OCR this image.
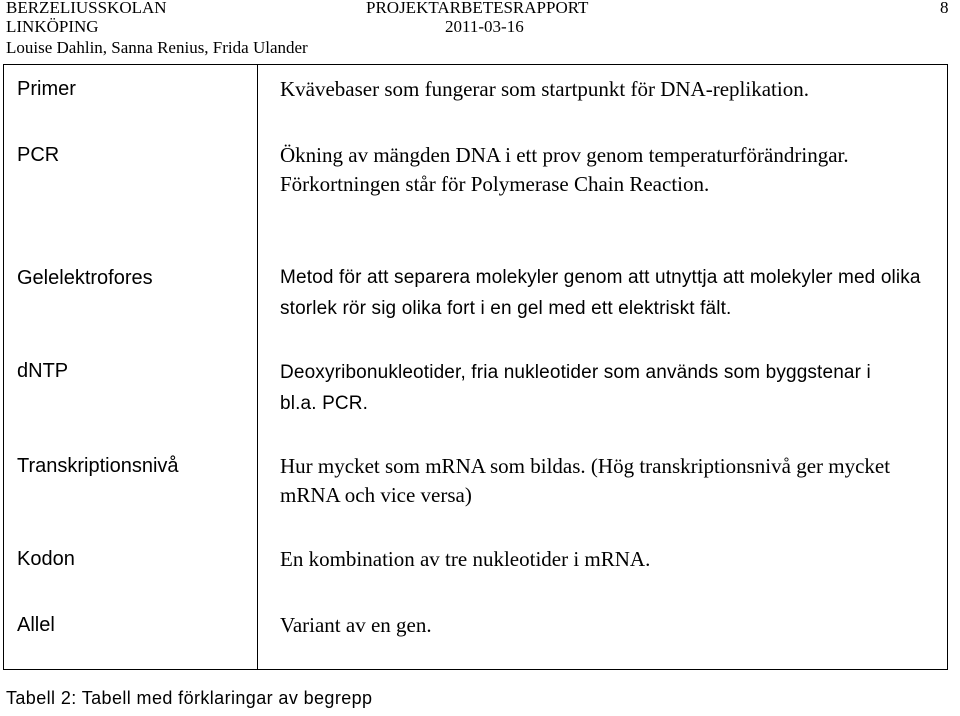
BERZELIUSSKOLAN
LINKÖPING
Louise Dahlin, Sanna Renius, Frida Ulander
PROJEKTARBETESRAPPORT
2011-03-16
8
Primer	Kvävebaser som fungerar som startpunkt för DNA-replikation.
PCR	Ökning av mängden DNA i ett prov genom temperaturförändringar. Förkortningen står för Polymerase Chain Reaction.
Gelelektrofores	Metod för att separera molekyler genom att utnyttja att molekyler med olika storlek rör sig olika fort i en gel med ett elektriskt fält.
dNTP	Deoxyribonukleotider, fria nukleotider som används som byggstenar i bl.a. PCR.
Transkriptionsnivå	Hur mycket som mRNA som bildas. (Hög transkriptionsnivå ger mycket mRNA och vice versa)
Kodon	En kombination av tre nukleotider i mRNA.
Allel	Variant av en gen.
Tabell 2: Tabell med förklaringar av begrepp
